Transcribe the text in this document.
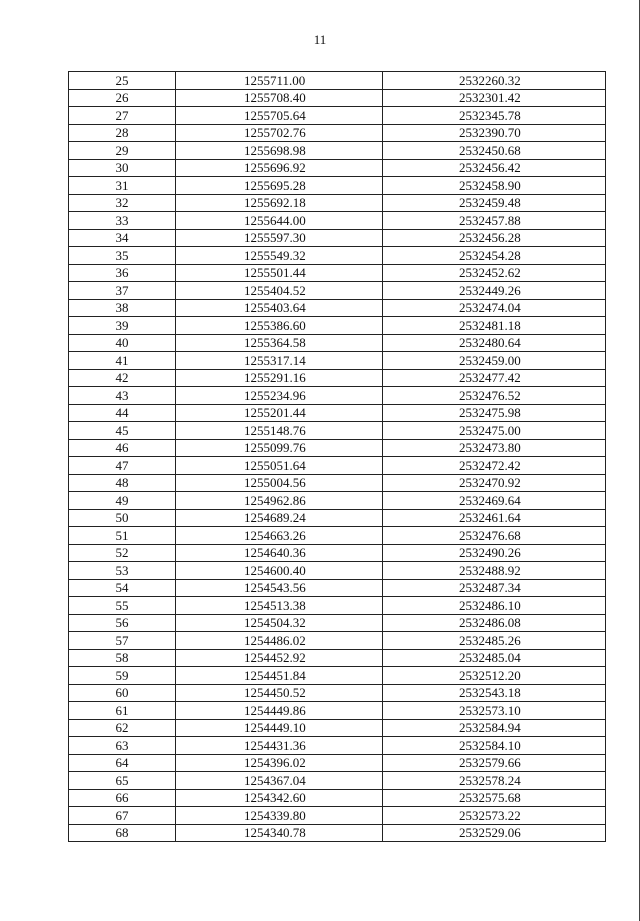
11
25	1255711.00	2532260.32
26	1255708.40	2532301.42
27	1255705.64	2532345.78
28	1255702.76	2532390.70
29	1255698.98	2532450.68
30	1255696.92	2532456.42
31	1255695.28	2532458.90
32	1255692.18	2532459.48
33	1255644.00	2532457.88
34	1255597.30	2532456.28
35	1255549.32	2532454.28
36	1255501.44	2532452.62
37	1255404.52	2532449.26
38	1255403.64	2532474.04
39	1255386.60	2532481.18
40	1255364.58	2532480.64
41	1255317.14	2532459.00
42	1255291.16	2532477.42
43	1255234.96	2532476.52
44	1255201.44	2532475.98
45	1255148.76	2532475.00
46	1255099.76	2532473.80
47	1255051.64	2532472.42
48	1255004.56	2532470.92
49	1254962.86	2532469.64
50	1254689.24	2532461.64
51	1254663.26	2532476.68
52	1254640.36	2532490.26
53	1254600.40	2532488.92
54	1254543.56	2532487.34
55	1254513.38	2532486.10
56	1254504.32	2532486.08
57	1254486.02	2532485.26
58	1254452.92	2532485.04
59	1254451.84	2532512.20
60	1254450.52	2532543.18
61	1254449.86	2532573.10
62	1254449.10	2532584.94
63	1254431.36	2532584.10
64	1254396.02	2532579.66
65	1254367.04	2532578.24
66	1254342.60	2532575.68
67	1254339.80	2532573.22
68	1254340.78	2532529.06
